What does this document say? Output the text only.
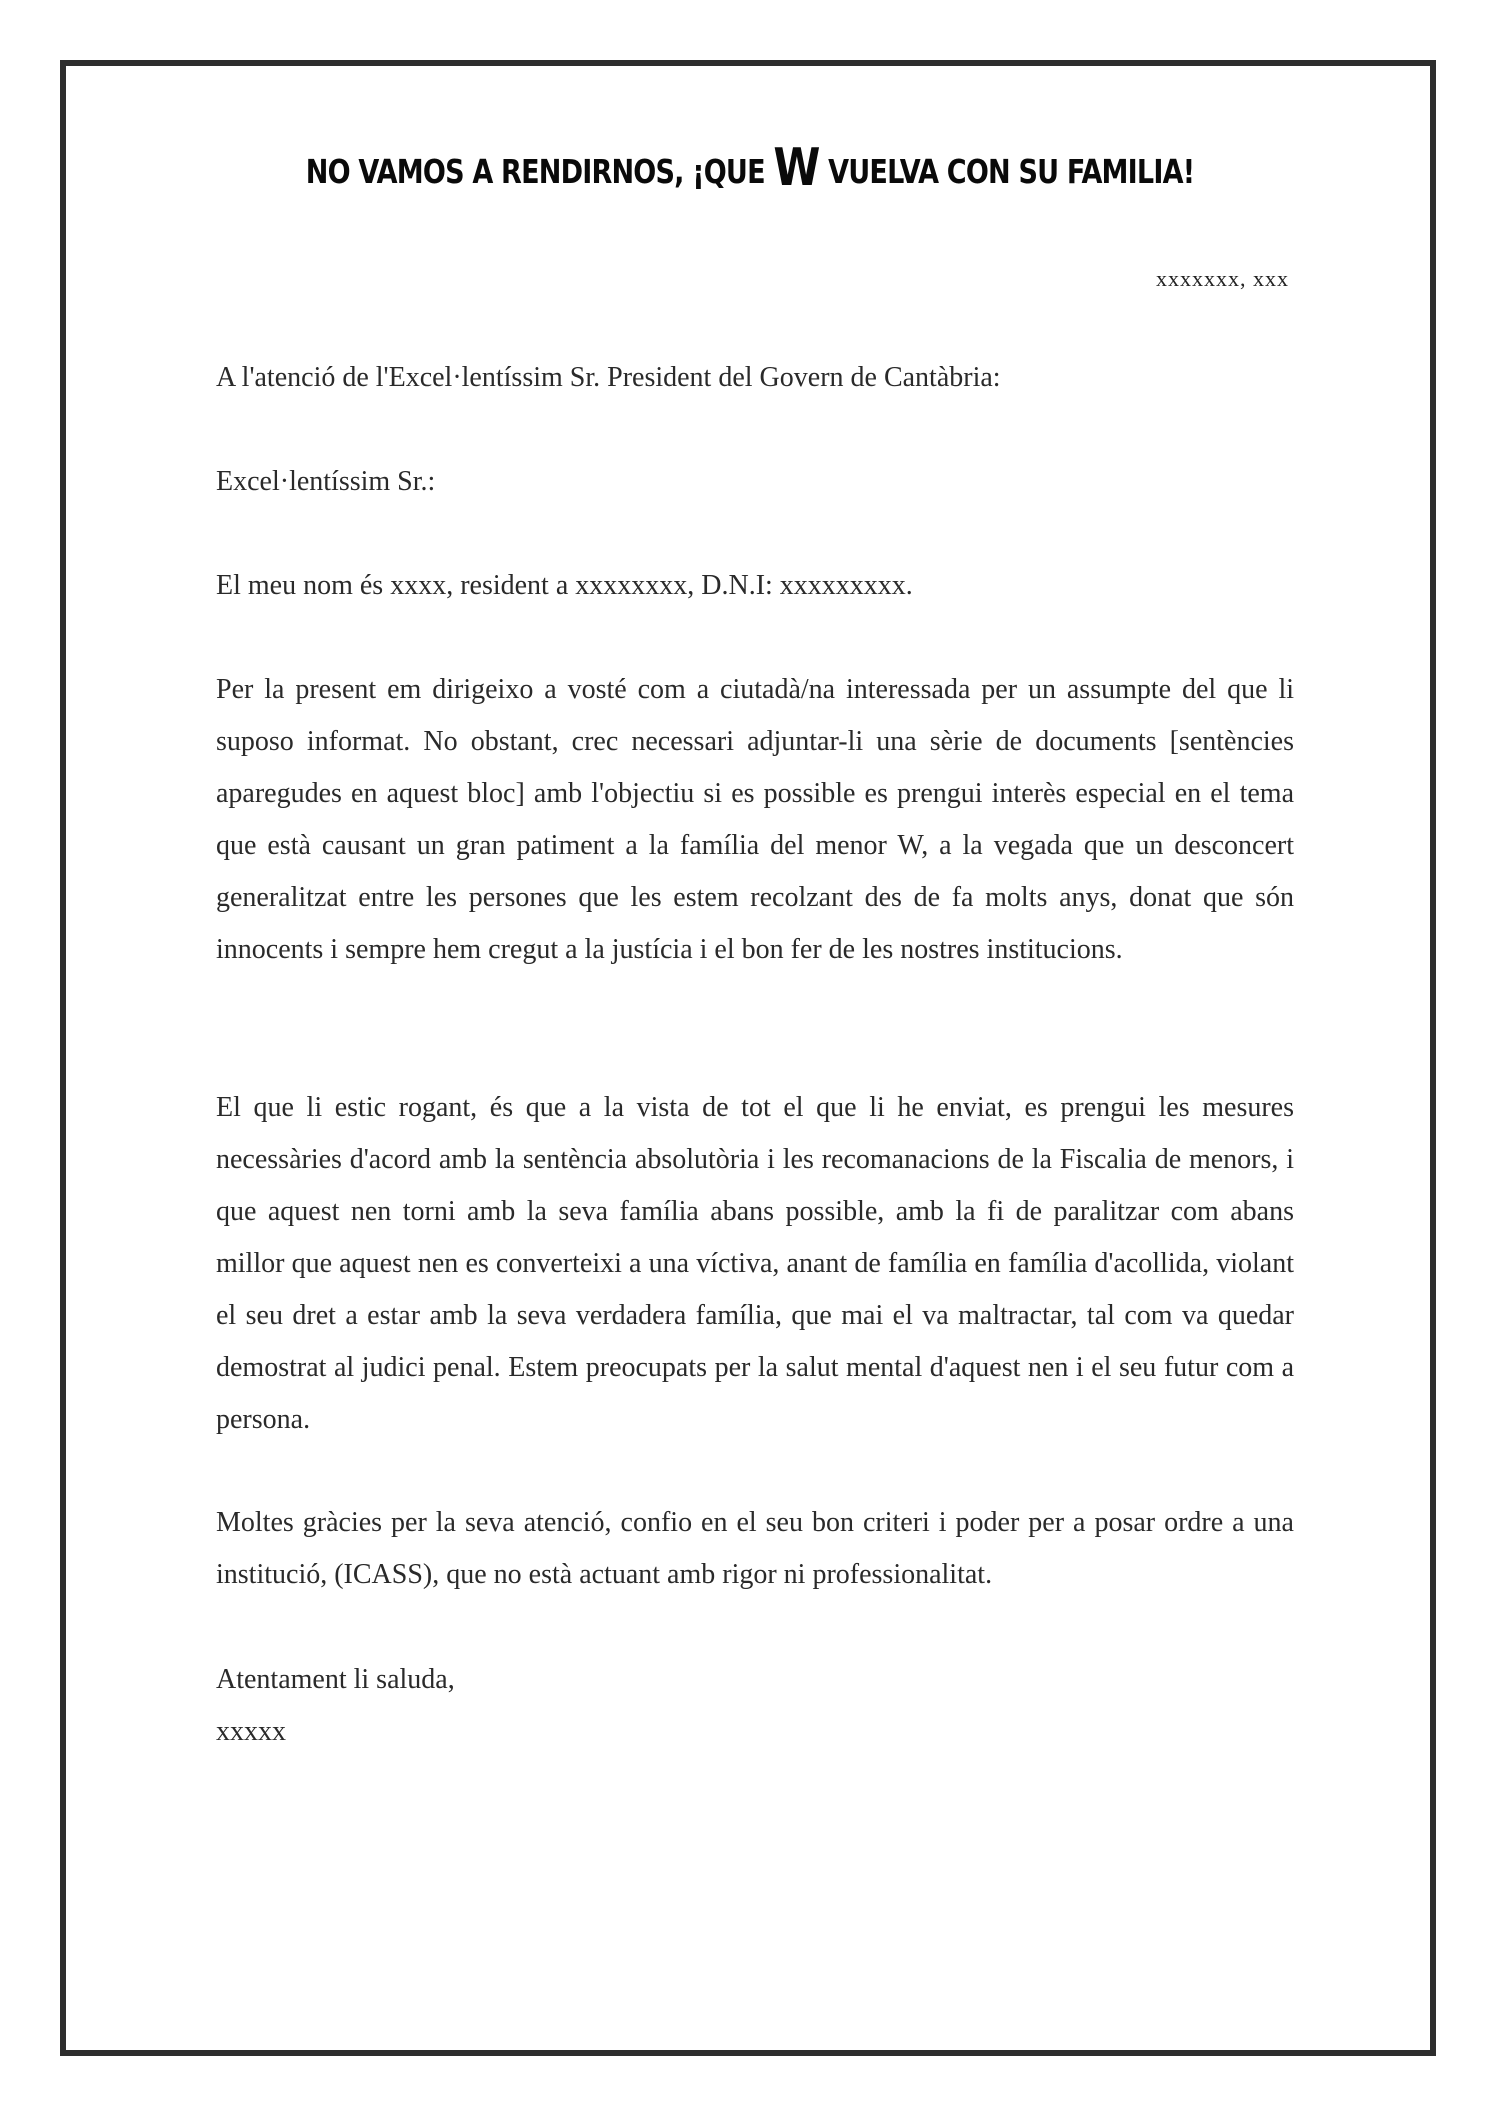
NO VAMOS A RENDIRNOS, ¡QUE W VUELVA CON SU FAMILIA!
xxxxxxx, xxx

A l'atenció de l'Excel·lentíssim Sr. President del Govern de Cantàbria:

Excel·lentíssim Sr.:

El meu nom és xxxx, resident a xxxxxxxx, D.N.I: xxxxxxxxx.

Per la present em dirigeixo a vosté com a ciutadà/na interessada per un assumpte del que li suposo informat. No obstant, crec necessari adjuntar-li una sèrie de documents [sentències aparegudes en aquest bloc] amb l'objectiu si es possible es prengui interès especial en el tema que està causant un gran patiment a la família del menor W, a la vegada que un desconcert generalitzat entre les persones que les estem recolzant des de fa molts anys, donat que són innocents i sempre hem cregut a la justícia i el bon fer de les nostres institucions.

El que li estic rogant, és que a la vista de tot el que li he enviat, es prengui les mesures necessàries d'acord amb la sentència absolutòria i les recomanacions de la Fiscalia de menors, i que aquest nen torni amb la seva família abans possible, amb la fi de paralitzar com abans millor que aquest nen es converteixi a una víctiva, anant de família en família d'acollida, violant el seu dret a estar amb la seva verdadera família, que mai el va maltractar, tal com va quedar demostrat al judici penal. Estem preocupats per la salut mental d'aquest nen i el seu futur com a persona.

Moltes gràcies per la seva atenció, confio en el seu bon criteri i poder per a posar ordre a una institució, (ICASS), que no està actuant amb rigor ni professionalitat.

Atentament li saluda,

xxxxx
